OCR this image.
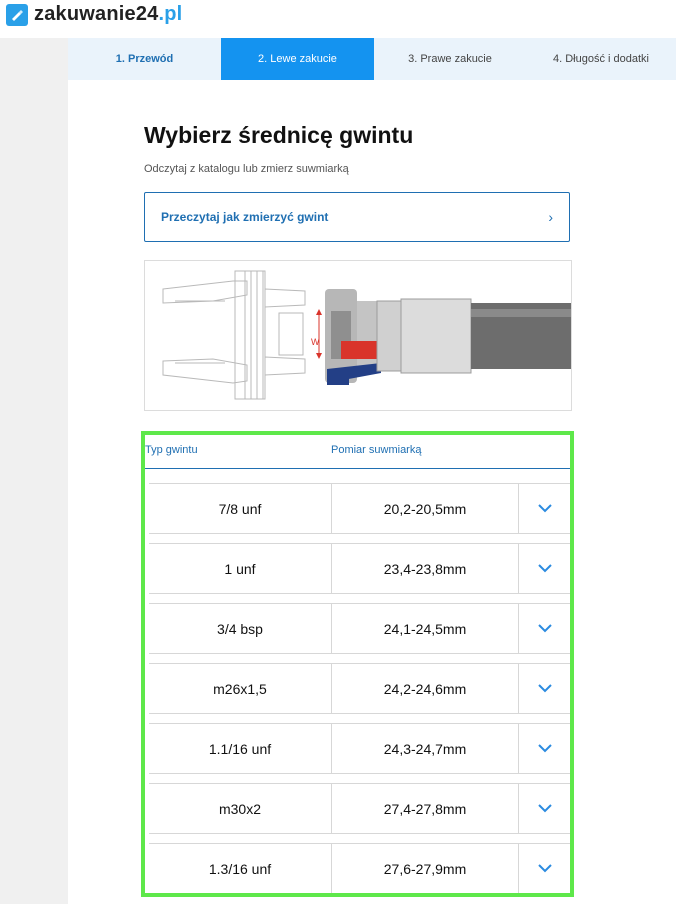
zakuwanie24.pl
1. Przewód	2. Lewe zakucie	3. Prawe zakucie	4. Długość i dodatki
Wybierz średnicę gwintu
Odczytaj z katalogu lub zmierz suwmiarką
Przeczytaj jak zmierzyć gwint	›
W
Typ gwintu	Pomiar suwmiarką
7/8 unf	20,2-20,5mm
1 unf	23,4-23,8mm
3/4 bsp	24,1-24,5mm
m26x1,5	24,2-24,6mm
1.1/16 unf	24,3-24,7mm
m30x2	27,4-27,8mm
1.3/16 unf	27,6-27,9mm
